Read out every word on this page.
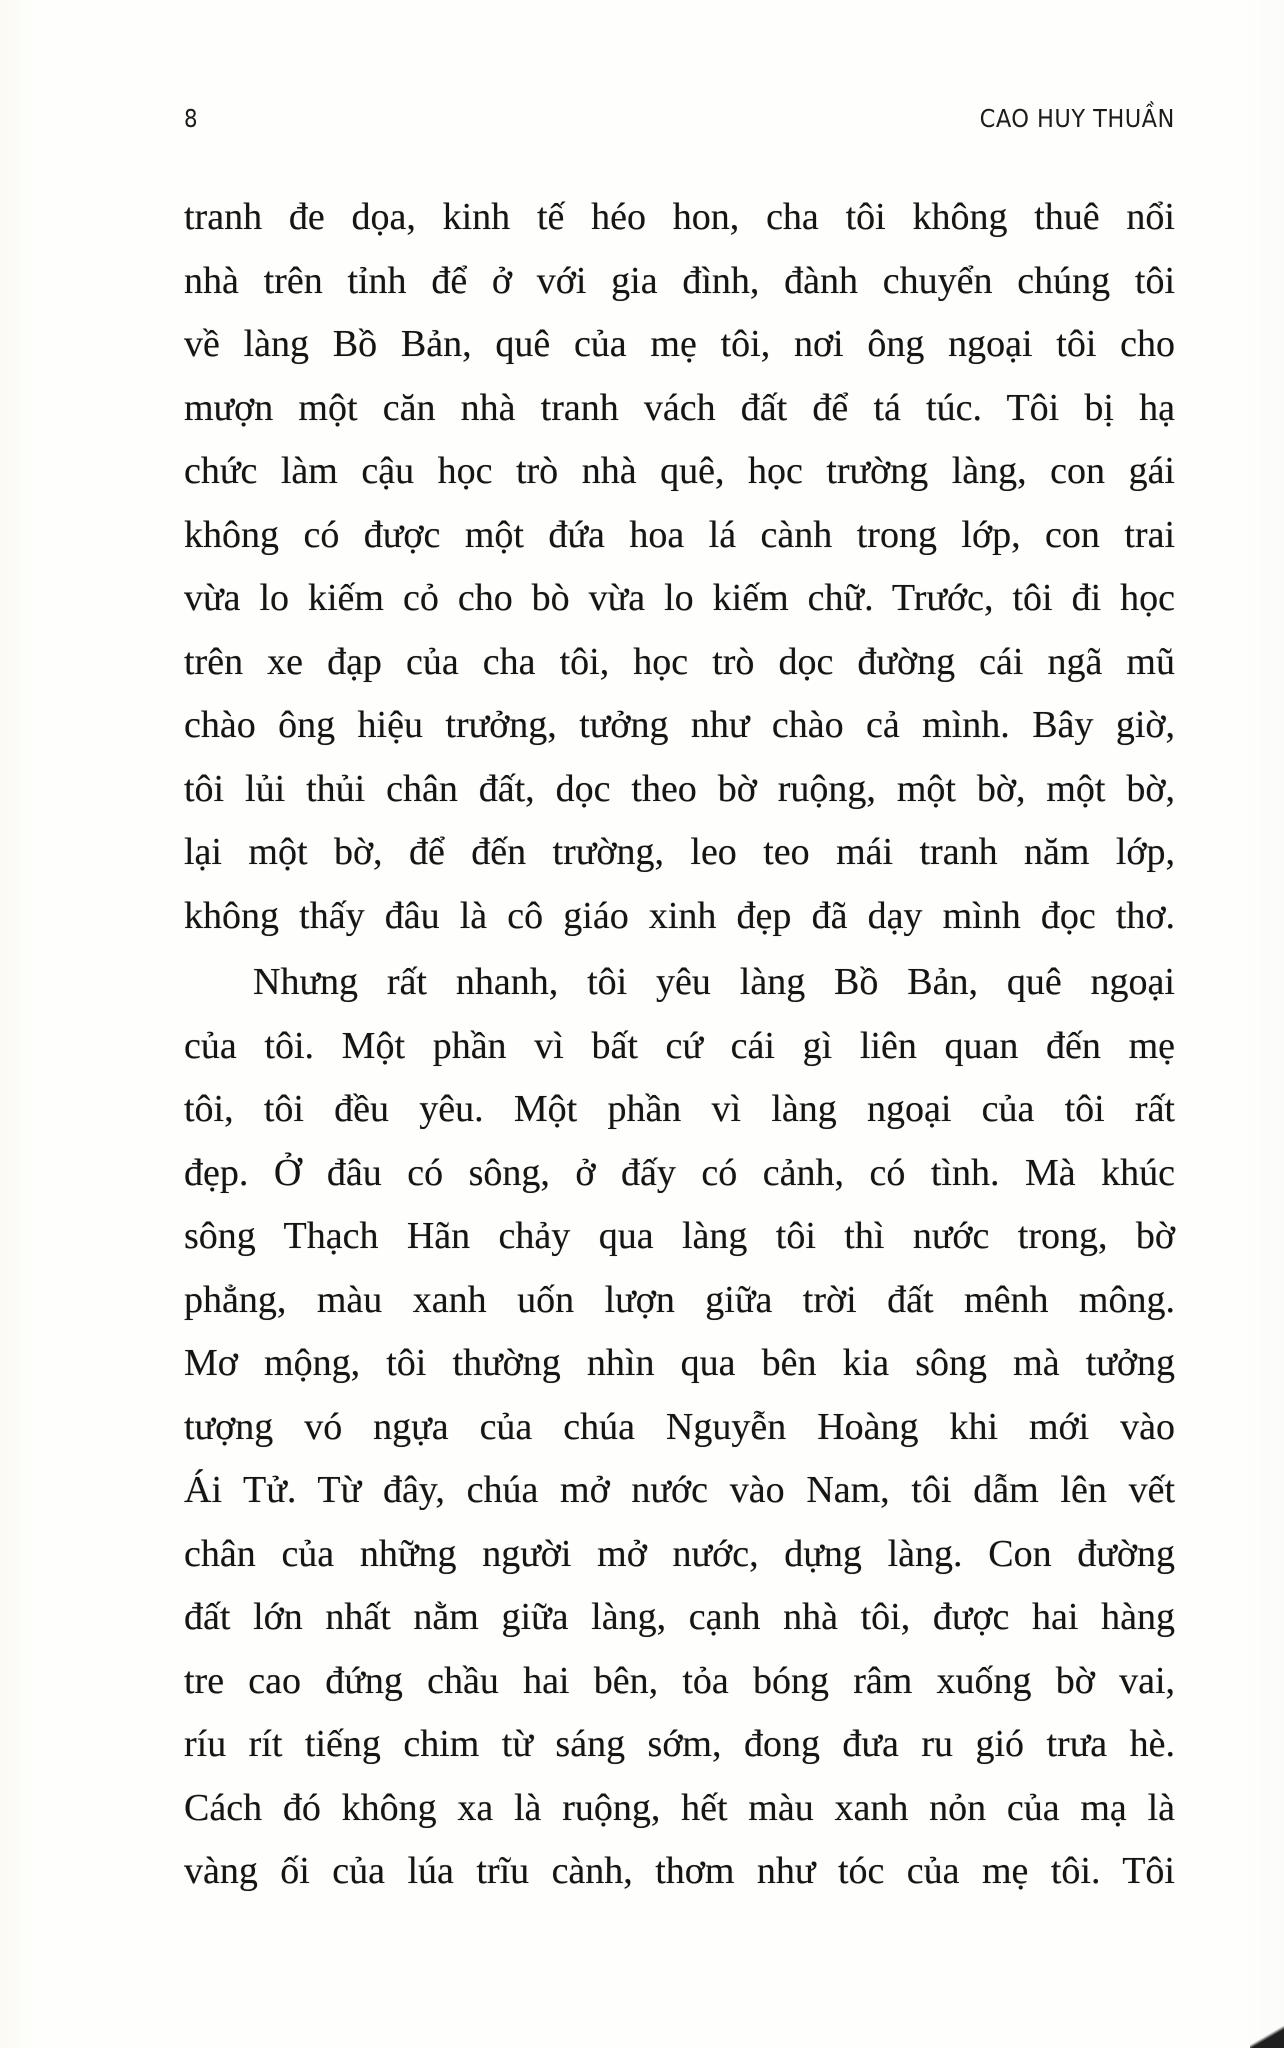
8	CAO HUY THUẦN

tranh đe dọa, kinh tế héo hon, cha tôi không thuê nổi
nhà trên tỉnh để ở với gia đình, đành chuyển chúng tôi
về làng Bồ Bản, quê của mẹ tôi, nơi ông ngoại tôi cho
mượn một căn nhà tranh vách đất để tá túc. Tôi bị hạ
chức làm cậu học trò nhà quê, học trường làng, con gái
không có được một đứa hoa lá cành trong lớp, con trai
vừa lo kiếm cỏ cho bò vừa lo kiếm chữ. Trước, tôi đi học
trên xe đạp của cha tôi, học trò dọc đường cái ngã mũ
chào ông hiệu trưởng, tưởng như chào cả mình. Bây giờ,
tôi lủi thủi chân đất, dọc theo bờ ruộng, một bờ, một bờ,
lại một bờ, để đến trường, leo teo mái tranh năm lớp,
không thấy đâu là cô giáo xinh đẹp đã dạy mình đọc thơ.

Nhưng rất nhanh, tôi yêu làng Bồ Bản, quê ngoại
của tôi. Một phần vì bất cứ cái gì liên quan đến mẹ
tôi, tôi đều yêu. Một phần vì làng ngoại của tôi rất
đẹp. Ở đâu có sông, ở đấy có cảnh, có tình. Mà khúc
sông Thạch Hãn chảy qua làng tôi thì nước trong, bờ
phẳng, màu xanh uốn lượn giữa trời đất mênh mông.
Mơ mộng, tôi thường nhìn qua bên kia sông mà tưởng
tượng vó ngựa của chúa Nguyễn Hoàng khi mới vào
Ái Tử. Từ đây, chúa mở nước vào Nam, tôi dẫm lên vết
chân của những người mở nước, dựng làng. Con đường
đất lớn nhất nằm giữa làng, cạnh nhà tôi, được hai hàng
tre cao đứng chầu hai bên, tỏa bóng râm xuống bờ vai,
ríu rít tiếng chim từ sáng sớm, đong đưa ru gió trưa hè.
Cách đó không xa là ruộng, hết màu xanh nỏn của mạ là
vàng ối của lúa trĩu cành, thơm như tóc của mẹ tôi. Tôi
